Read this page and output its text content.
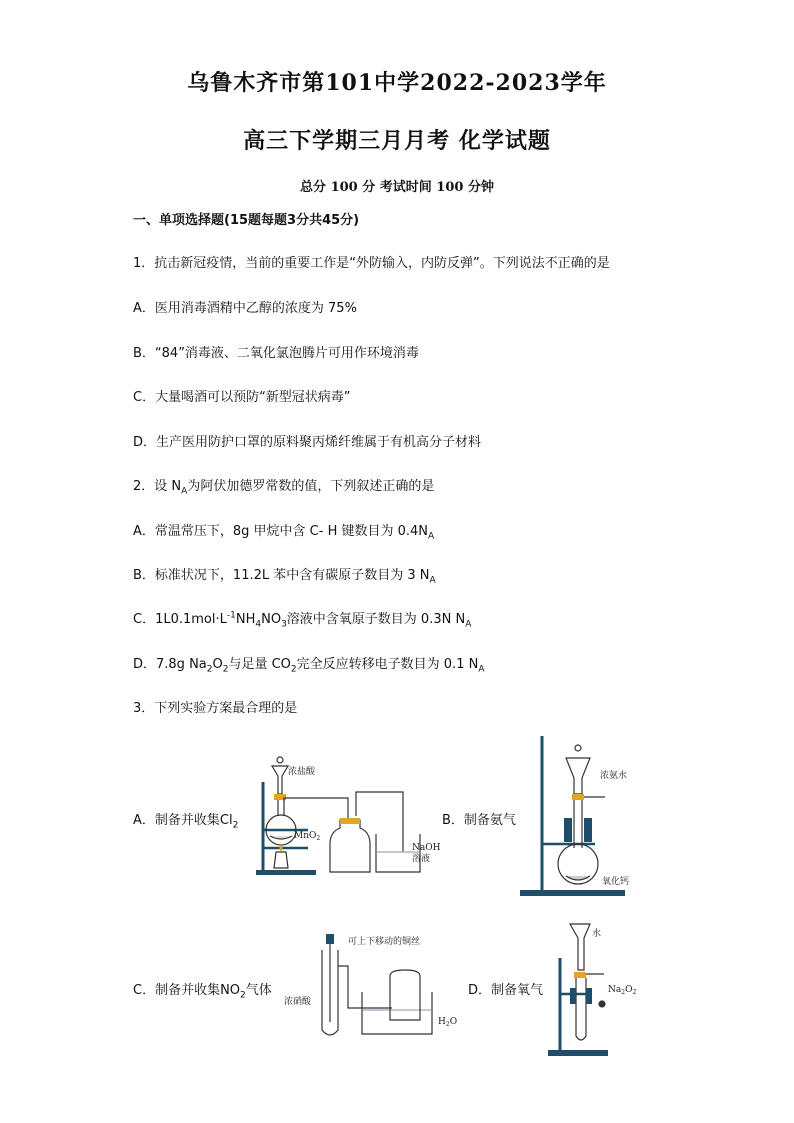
乌鲁木齐市第101中学2022-2023学年
高三下学期三月月考 化学试题
总分 100 分 考试时间 100 分钟
一、单项选择题(15题每题3分共45分)
1．抗击新冠疫情，当前的重要工作是“外防输入，内防反弹”。下列说法不正确的是
A．医用消毒酒精中乙醇的浓度为 75%
B．“84”消毒液、二氧化氯泡腾片可用作环境消毒
C．大量喝酒可以预防“新型冠状病毒”
D．生产医用防护口罩的原料聚丙烯纤维属于有机高分子材料
2．设 $N_A$为阿伏加德罗常数的值，下列叙述正确的是
A．常温常压下，8g 甲烷中含 C- H 键数目为 $0.4N_A$
B．标准状况下，11.2L 苯中含有碳原子数目为 3 $N_A$
C．$1L0.1mol\cdot L^{-1}NH_4NO_3$溶液中含氧原子数目为 0.3N $N_A$
D．7.8g $Na_2O_2$与足量 $CO_2$完全反应转移电子数目为 0.1 $N_A$
3．下列实验方案最合理的是
A．制备并收集$Cl_2$	B．制备氨气
C．制备并收集$NO_2$气体	D．制备氧气
浓盐酸
MnO$_2$
NaOH
溶液
浓氨水
氧化钙
可上下移动的铜丝
浓硝酸
$H_2O$
水
$Na_2O_2$
